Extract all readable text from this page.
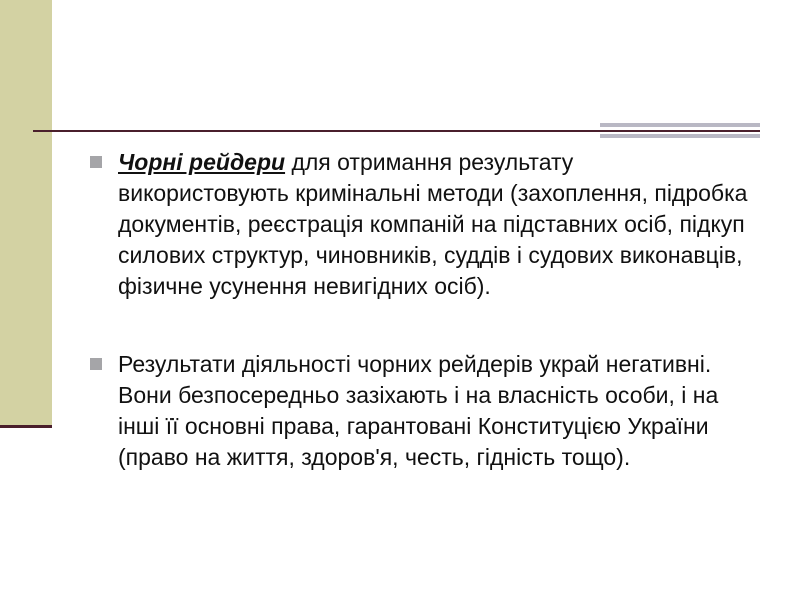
Чорні рейдери для отримання результату використовують кримінальні методи (захоплення, підробка документів, реєстрація компаній на підставних осіб, підкуп силових структур, чиновників, суддів і судових виконавців, фізичне усунення невигідних осіб).
Результати діяльності чорних рейдерів украй негативні. Вони безпосередньо зазіхають і на власність особи, і на інші її основні права, гарантовані Конституцією України (право на життя, здоров'я, честь, гідність тощо).
